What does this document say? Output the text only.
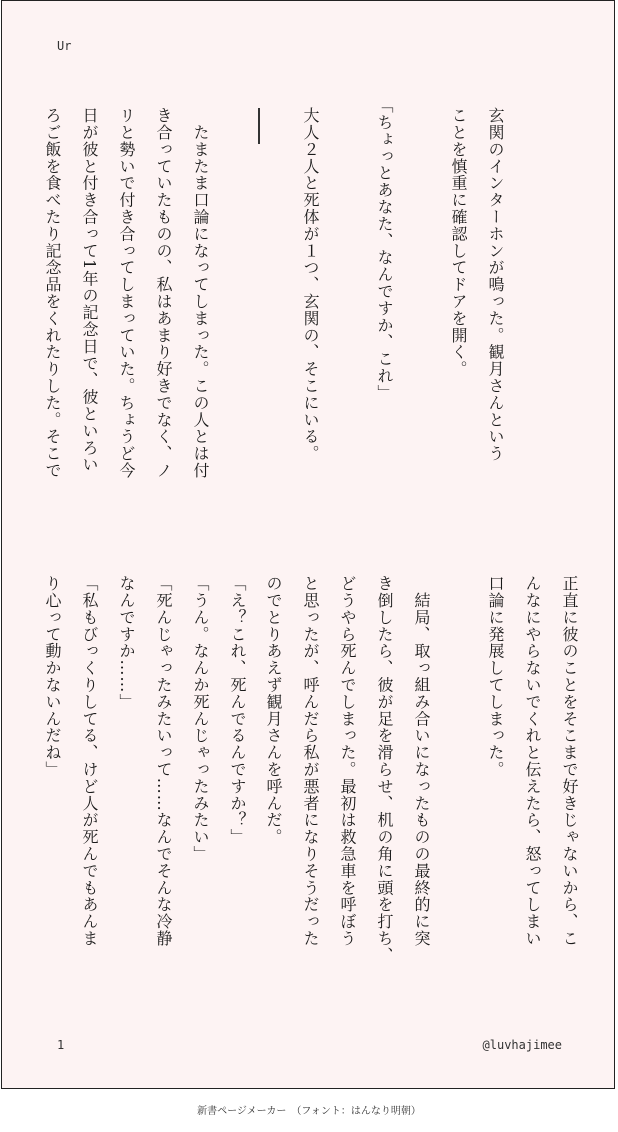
Ur
玄関のインターホンが鳴った。観月さんという
ことを慎重に確認してドアを開く。
「ちょっとあなた、なんですか、これ」
大人２人と死体が１つ、玄関の、そこにいる。
　たまたま口論になってしまった。この人とは付
き合っていたものの、私はあまり好きでなく、ノ
リと勢いで付き合ってしまっていた。ちょうど今
日が彼と付き合って1年の記念日で、彼といろい
ろご飯を食べたり記念品をくれたりした。そこで
正直に彼のことをそこまで好きじゃないから、こ
んなにやらないでくれと伝えたら、怒ってしまい
口論に発展してしまった。
　結局、取っ組み合いになったものの最終的に突
き倒したら、彼が足を滑らせ、机の角に頭を打ち、
どうやら死んでしまった。最初は救急車を呼ぼう
と思ったが、呼んだら私が悪者になりそうだった
のでとりあえず観月さんを呼んだ。
「え？これ、死んでるんですか？」
「うん。なんか死んじゃったみたい」
「死んじゃったみたいって……なんでそんな冷静
なんですか……」
「私もびっくりしてる、けど人が死んでもあんま
り心って動かないんだね」
1	@luvhajimee
新書ページメーカー　（フォント：はんなり明朝）
